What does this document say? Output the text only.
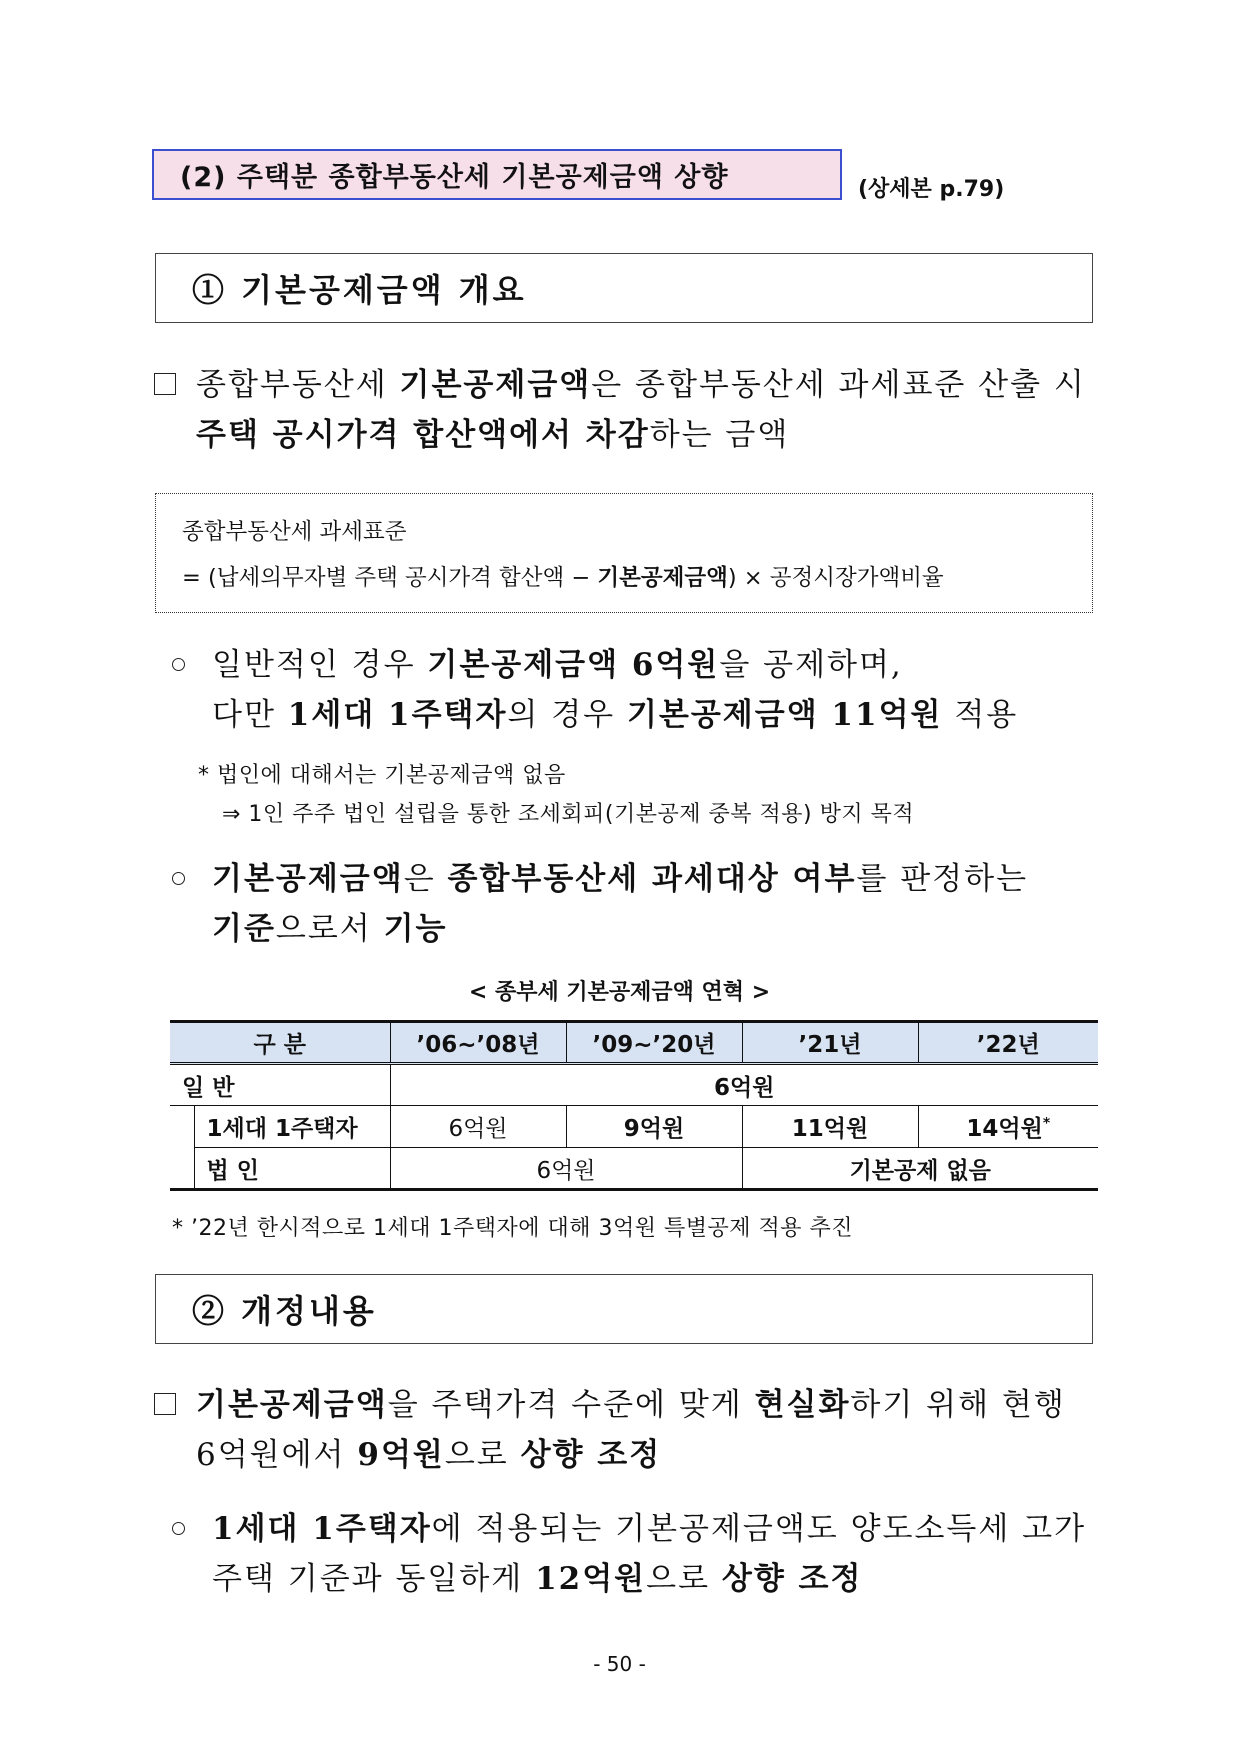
(2) 주택분 종합부동산세 기본공제금액 상향	(상세본 p.79)
① 기본공제금액 개요
종합부동산세 기본공제금액은 종합부동산세 과세표준 산출 시
주택 공시가격 합산액에서 차감하는 금액
종합부동산세 과세표준
= (납세의무자별 주택 공시가격 합산액 − 기본공제금액) × 공정시장가액비율
일반적인 경우 기본공제금액 6억원을 공제하며,
다만 1세대 1주택자의 경우 기본공제금액 11억원 적용
* 법인에 대해서는 기본공제금액 없음
⇒ 1인 주주 법인 설립을 통한 조세회피(기본공제 중복 적용) 방지 목적
기본공제금액은 종합부동산세 과세대상 여부를 판정하는
기준으로서 기능
< 종부세 기본공제금액 연혁 >
구 분		’06~’08년	’09~’20년	’21년	’22년
일 반		6억원			
	1세대 1주택자	6억원	9억원	11억원	14억원*
	법 인	6억원		기본공제 없음	
* ’22년 한시적으로 1세대 1주택자에 대해 3억원 특별공제 적용 추진
② 개정내용
기본공제금액을 주택가격 수준에 맞게 현실화하기 위해 현행
6억원에서 9억원으로 상향 조정
1세대 1주택자에 적용되는 기본공제금액도 양도소득세 고가
주택 기준과 동일하게 12억원으로 상향 조정
- 50 -
